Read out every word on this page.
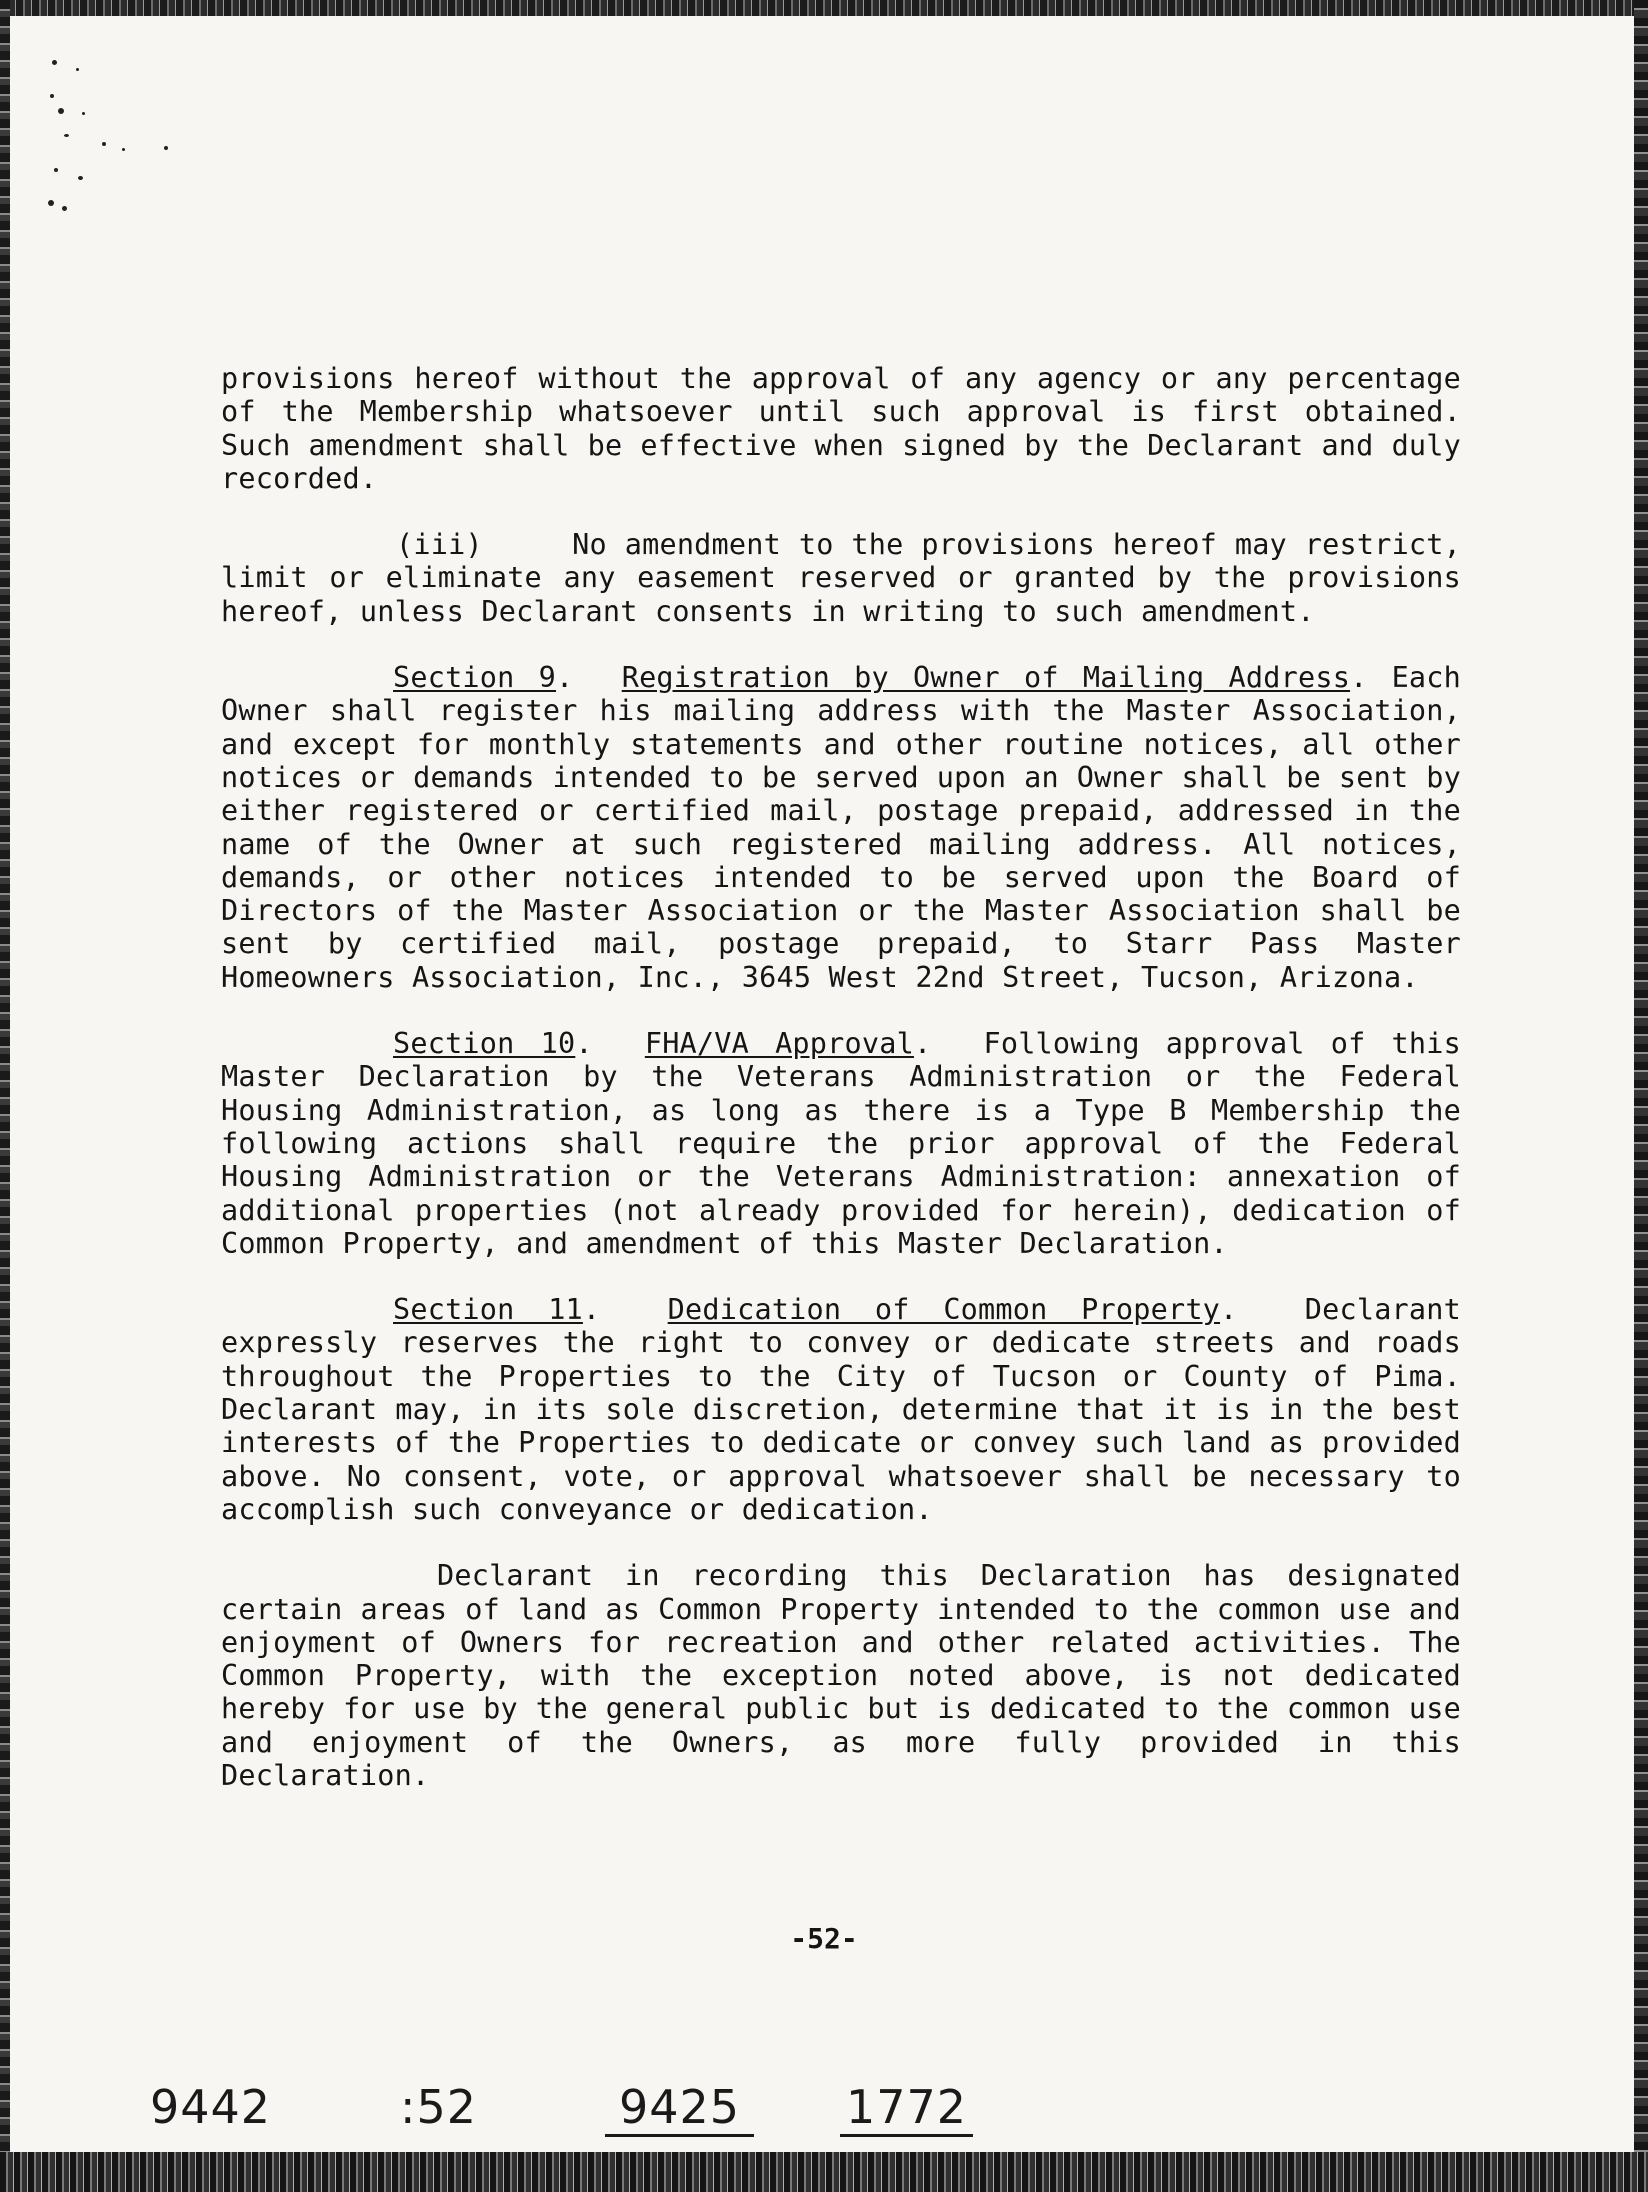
provisions hereof without the approval of any agency or any percentage of the Membership whatsoever until such approval is first obtained. Such amendment shall be effective when signed by the Declarant and duly recorded.

(iii)	No amendment to the provisions hereof may restrict, limit or eliminate any easement reserved or granted by the provisions hereof, unless Declarant consents in writing to such amendment.

Section 9.  Registration by Owner of Mailing Address. Each Owner shall register his mailing address with the Master Association, and except for monthly statements and other routine notices, all other notices or demands intended to be served upon an Owner shall be sent by either registered or certified mail, postage prepaid, addressed in the name of the Owner at such registered mailing address. All notices, demands, or other notices intended to be served upon the Board of Directors of the Master Association or the Master Association shall be sent by certified mail, postage prepaid, to Starr Pass Master Homeowners Association, Inc., 3645 West 22nd Street, Tucson, Arizona.

Section 10.  FHA/VA Approval.  Following approval of this Master Declaration by the Veterans Administration or the Federal Housing Administration, as long as there is a Type B Membership the following actions shall require the prior approval of the Federal Housing Administration or the Veterans Administration: annexation of additional properties (not already provided for herein), dedication of Common Property, and amendment of this Master Declaration.

Section 11.  Dedication of Common Property.  Declarant expressly reserves the right to convey or dedicate streets and roads throughout the Properties to the City of Tucson or County of Pima. Declarant may, in its sole discretion, determine that it is in the best interests of the Properties to dedicate or convey such land as provided above. No consent, vote, or approval whatsoever shall be necessary to accomplish such conveyance or dedication.

Declarant in recording this Declaration has designated certain areas of land as Common Property intended to the common use and enjoyment of Owners for recreation and other related activities. The Common Property, with the exception noted above, is not dedicated hereby for use by the general public but is dedicated to the common use and enjoyment of the Owners, as more fully provided in this Declaration.

-52-
9442	:52	9425	1772
